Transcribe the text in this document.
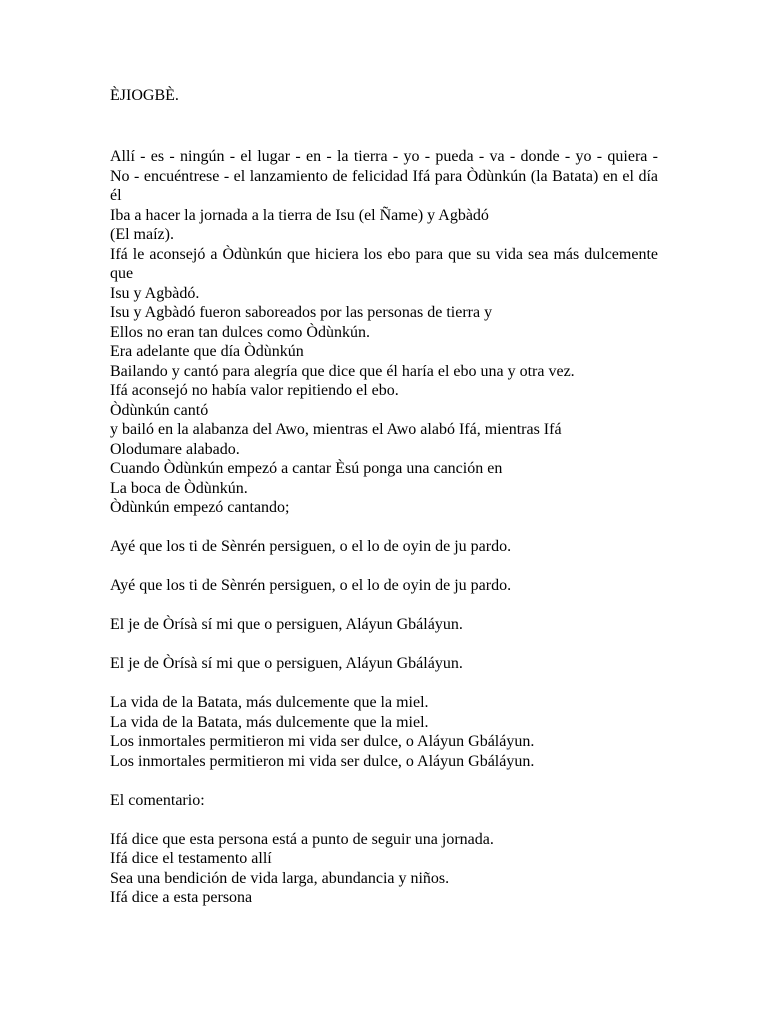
ÈJIOGBÈ.
Allí - es - ningún - el lugar - en - la tierra - yo - pueda - va - donde - yo - quiera -
No - encuéntrese - el lanzamiento de felicidad Ifá para Òdùnkún (la Batata) en el día él
Iba a hacer la jornada a la tierra de Isu (el Ñame) y Agbàdó
(El maíz).
Ifá le aconsejó a Òdùnkún que hiciera los ebo para que su vida sea más dulcemente que
Isu y Agbàdó.
Isu y Agbàdó fueron saboreados por las personas de tierra y
Ellos no eran tan dulces como Òdùnkún.
Era adelante que día Òdùnkún
Bailando y cantó para alegría que dice que él haría el ebo una y otra vez.
Ifá aconsejó no había valor repitiendo el ebo.
Òdùnkún cantó
y bailó en la alabanza del Awo, mientras el Awo alabó Ifá, mientras Ifá
Olodumare alabado.
Cuando Òdùnkún empezó a cantar Èsú ponga una canción en
La boca de Òdùnkún.
Òdùnkún empezó cantando;
Ayé que los ti de Sènrén persiguen, o el lo de oyin de ju pardo.
Ayé que los ti de Sènrén persiguen, o el lo de oyin de ju pardo.
El je de Òrísà sí mi que o persiguen, Aláyun Gbáláyun.
El je de Òrísà sí mi que o persiguen, Aláyun Gbáláyun.
La vida de la Batata, más dulcemente que la miel.
La vida de la Batata, más dulcemente que la miel.
Los inmortales permitieron mi vida ser dulce, o Aláyun Gbáláyun.
Los inmortales permitieron mi vida ser dulce, o Aláyun Gbáláyun.
El comentario:
Ifá dice que esta persona está a punto de seguir una jornada.
Ifá dice el testamento allí
Sea una bendición de vida larga, abundancia y niños.
Ifá dice a esta persona
